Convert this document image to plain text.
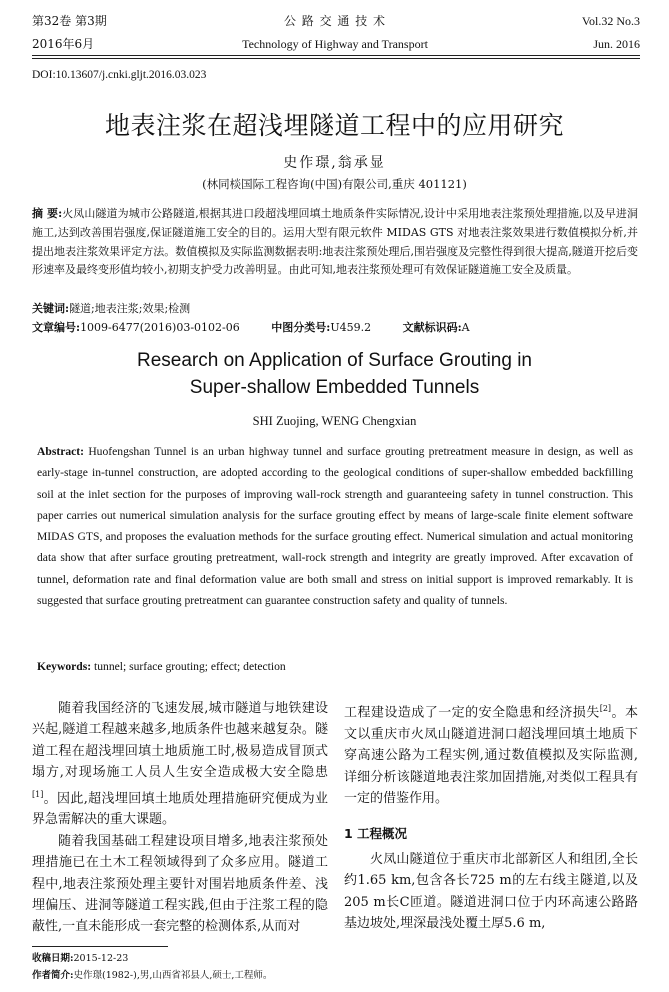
第32卷 第3期
2016年6月
公 路 交 通 技 术
Technology of Highway and Transport
Vol.32 No.3
Jun. 2016
DOI:10.13607/j.cnki.gljt.2016.03.023
地表注浆在超浅埋隧道工程中的应用研究
史作璟,翁承显
(林同棪国际工程咨询(中国)有限公司,重庆 401121)
摘 要:火凤山隧道为城市公路隧道,根据其进口段超浅埋回填土地质条件实际情况,设计中采用地表注浆预处理措施,以及早进洞施工,达到改善围岩强度,保证隧道施工安全的目的。运用大型有限元软件 MIDAS GTS 对地表注浆效果进行数值模拟分析,并提出地表注浆效果评定方法。数值模拟及实际监测数据表明:地表注浆预处理后,围岩强度及完整性得到很大提高,隧道开挖后变形速率及最终变形值均较小,初期支护受力改善明显。由此可知,地表注浆预处理可有效保证隧道施工安全及质量。
关键词:隧道;地表注浆;效果;检测
文章编号:1009-6477(2016)03-0102-06	中图分类号:U459.2	文献标识码:A
Research on Application of Surface Grouting in
Super-shallow Embedded Tunnels
SHI Zuojing, WENG Chengxian
Abstract: Huofengshan Tunnel is an urban highway tunnel and surface grouting pretreatment measure in design, as well as early-stage in-tunnel construction, are adopted according to the geological conditions of super-shallow embedded backfilling soil at the inlet section for the purposes of improving wall-rock strength and guaranteeing safety in tunnel construction. This paper carries out numerical simulation analysis for the surface grouting effect by means of large-scale finite element software MIDAS GTS, and proposes the evaluation methods for the surface grouting effect. Numerical simulation and actual monitoring data show that after surface grouting pretreatment, wall-rock strength and integrity are greatly improved. After excavation of tunnel, deformation rate and final deformation value are both small and stress on initial support is improved remarkably. It is suggested that surface grouting pretreatment can guarantee construction safety and quality of tunnels.
Keywords: tunnel; surface grouting; effect; detection
随着我国经济的飞速发展,城市隧道与地铁建设兴起,隧道工程越来越多,地质条件也越来越复杂。隧道工程在超浅埋回填土地质施工时,极易造成冒顶式塌方,对现场施工人员人生安全造成极大安全隐患[1]。因此,超浅埋回填土地质处理措施研究便成为业界急需解决的重大课题。
随着我国基础工程建设项目增多,地表注浆预处理措施已在土木工程领域得到了众多应用。隧道工程中,地表注浆预处理主要针对围岩地质条件差、浅埋偏压、进洞等隧道工程实践,但由于注浆工程的隐蔽性,一直未能形成一套完整的检测体系,从而对
工程建设造成了一定的安全隐患和经济损失[2]。本文以重庆市火凤山隧道进洞口超浅埋回填土地质下穿高速公路为工程实例,通过数值模拟及实际监测,详细分析该隧道地表注浆加固措施,对类似工程具有一定的借鉴作用。
1 工程概况
火凤山隧道位于重庆市北部新区人和组团,全长约1.65 km,包含各长725 m的左右线主隧道,以及205 m长C匝道。隧道进洞口位于内环高速公路路基边坡处,埋深最浅处覆土厚5.6 m,
收稿日期:2015-12-23
作者简介:史作璟(1982-),男,山西省祁县人,硕士,工程师。
